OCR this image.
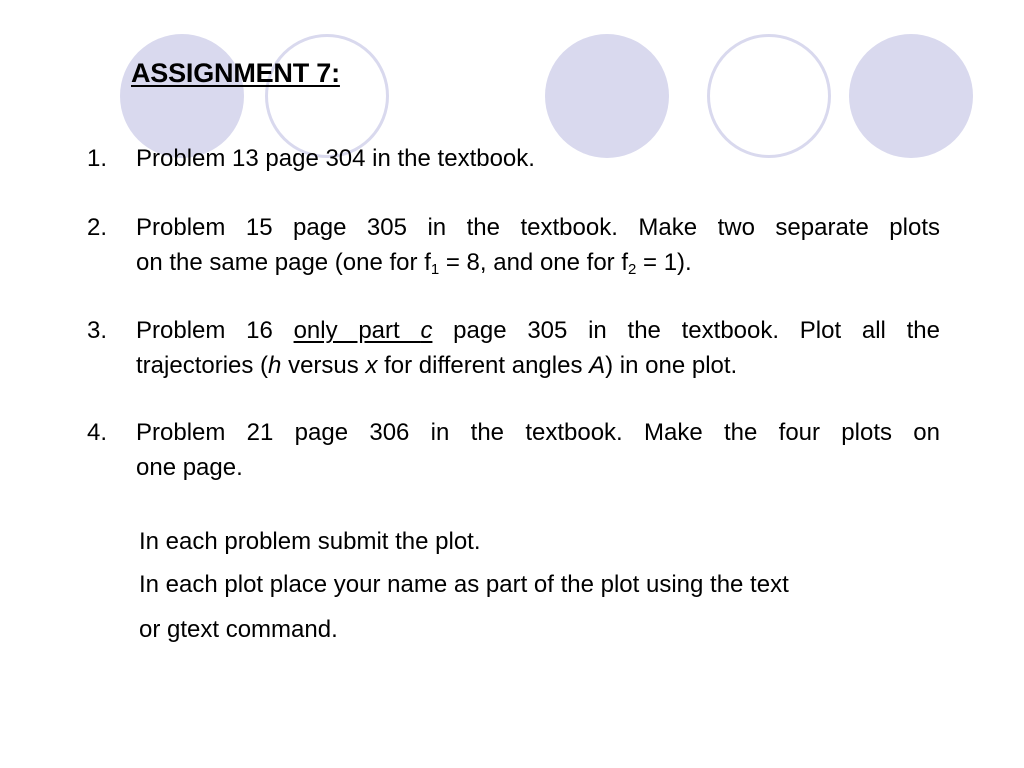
ASSIGNMENT 7:
1. Problem 13 page 304 in the textbook.
2. Problem 15 page 305 in the textbook. Make two separate plots
on the same page (one for $f_1 = 8$, and one for $f_2 = 1$).
3. Problem 16 only part c page 305 in the textbook. Plot all the
trajectories (h versus x for different angles A) in one plot.
4. Problem 21 page 306 in the textbook. Make the four plots on
one page.
In each problem submit the plot.
In each plot place your name as part of the plot using the text
or gtext command.
